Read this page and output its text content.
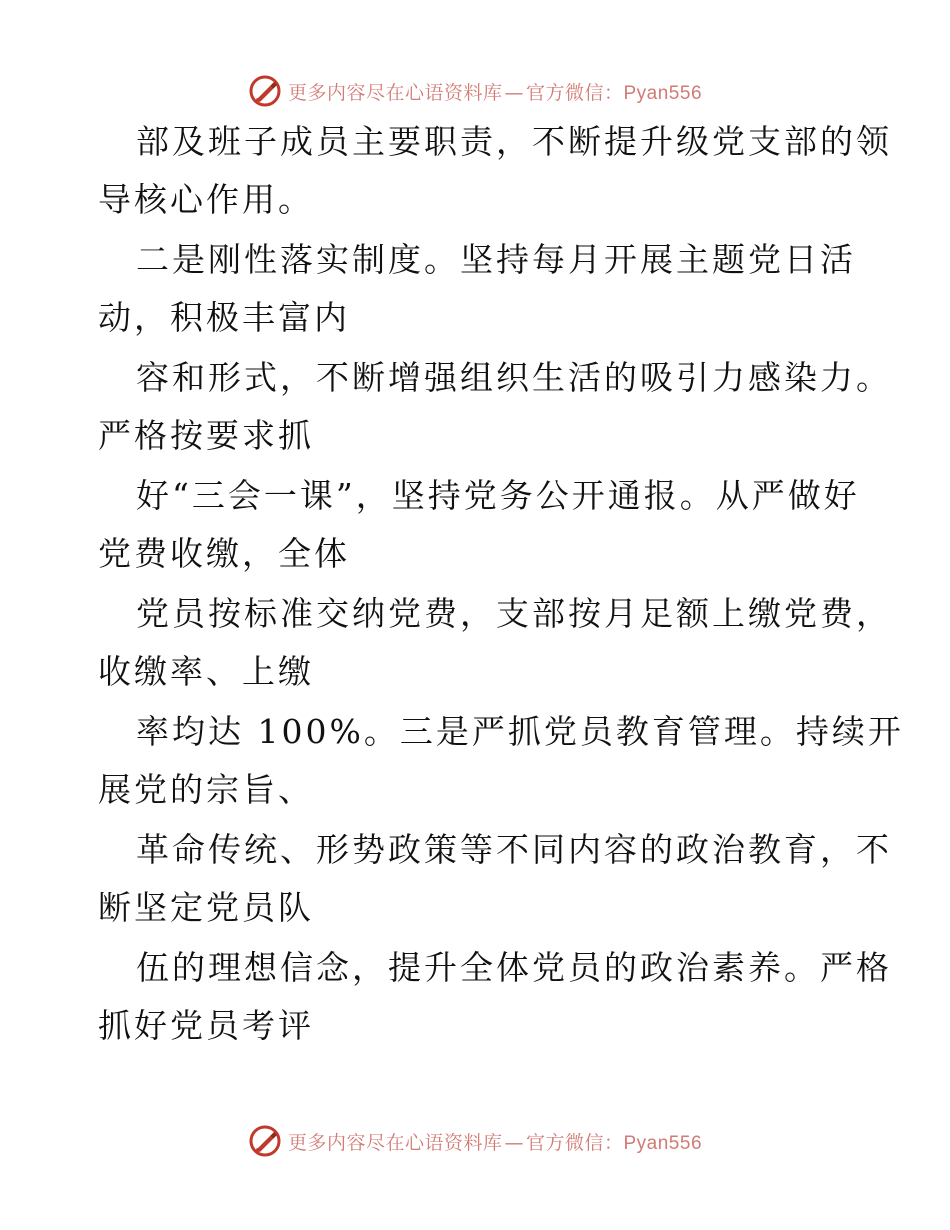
更多内容尽在心语资料库 — 官方微信：Pyan556
部及班子成员主要职责，不断提升级党支部的领
导核心作用。
二是刚性落实制度。坚持每月开展主题党日活
动，积极丰富内
容和形式，不断增强组织生活的吸引力感染力。
严格按要求抓
好“三会一课”，坚持党务公开通报。从严做好
党费收缴，全体
党员按标准交纳党费，支部按月足额上缴党费，
收缴率、上缴
率均达 100%。三是严抓党员教育管理。持续开
展党的宗旨、
革命传统、形势政策等不同内容的政治教育，不
断坚定党员队
伍的理想信念，提升全体党员的政治素养。严格
抓好党员考评
更多内容尽在心语资料库 — 官方微信：Pyan556
